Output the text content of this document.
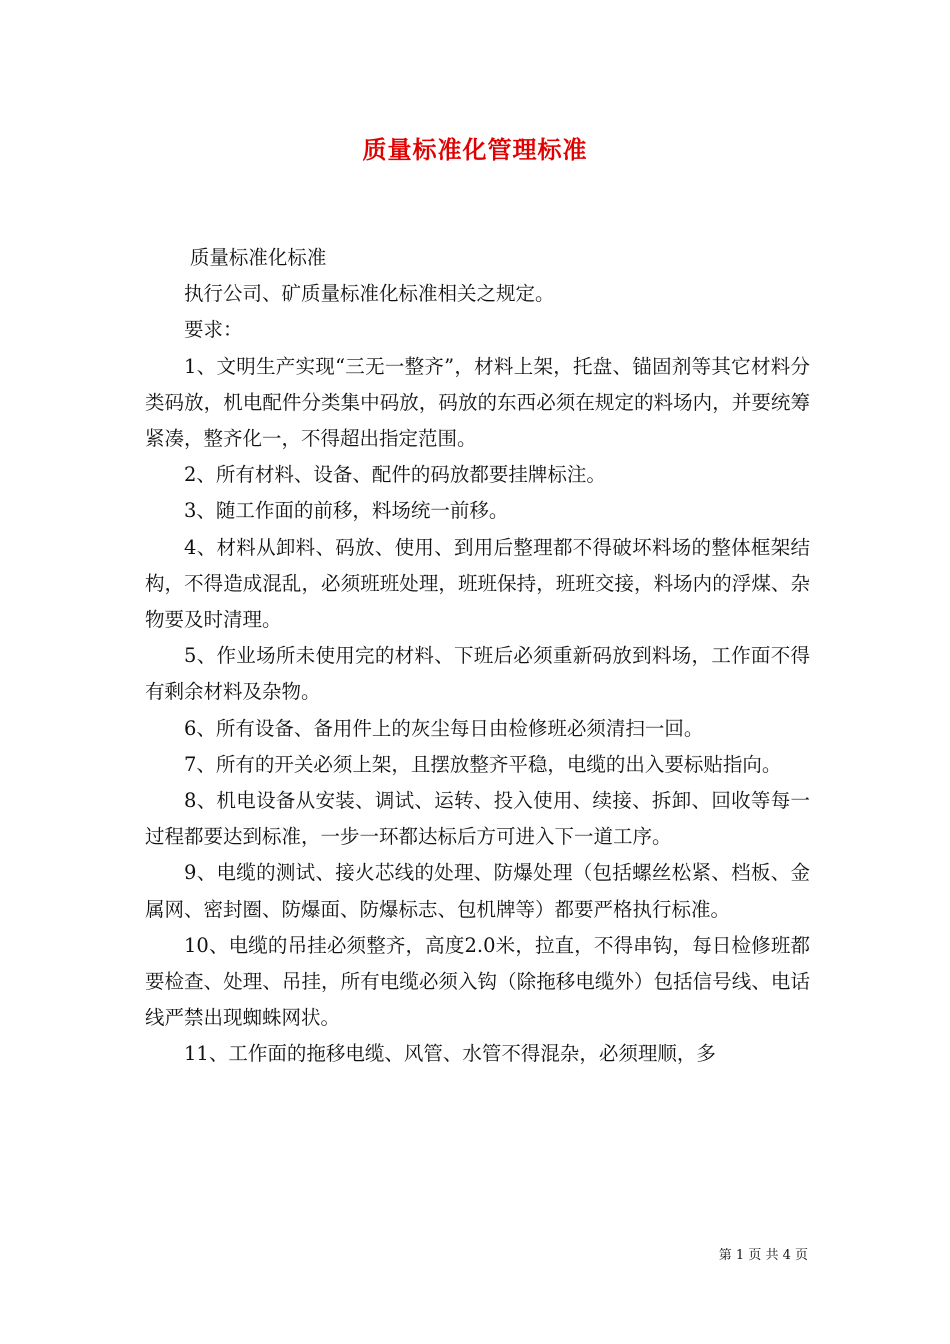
质量标准化管理标准

质量标准化标准

执行公司、矿质量标准化标准相关之规定。

要求：

1、文明生产实现“三无一整齐”，材料上架，托盘、锚固剂等其它材料分类码放，机电配件分类集中码放，码放的东西必须在规定的料场内，并要统筹紧凑，整齐化一，不得超出指定范围。

2、所有材料、设备、配件的码放都要挂牌标注。

3、随工作面的前移，料场统一前移。

4、材料从卸料、码放、使用、到用后整理都不得破坏料场的整体框架结构，不得造成混乱，必须班班处理，班班保持，班班交接，料场内的浮煤、杂物要及时清理。

5、作业场所未使用完的材料、下班后必须重新码放到料场，工作面不得有剩余材料及杂物。

6、所有设备、备用件上的灰尘每日由检修班必须清扫一回。

7、所有的开关必须上架，且摆放整齐平稳，电缆的出入要标贴指向。

8、机电设备从安装、调试、运转、投入使用、续接、拆卸、回收等每一过程都要达到标准，一步一环都达标后方可进入下一道工序。

9、电缆的测试、接火芯线的处理、防爆处理（包括螺丝松紧、档板、金属网、密封圈、防爆面、防爆标志、包机牌等）都要严格执行标准。

10、电缆的吊挂必须整齐，高度2.0米，拉直，不得串钩，每日检修班都要检查、处理、吊挂，所有电缆必须入钩（除拖移电缆外）包括信号线、电话线严禁出现蜘蛛网状。

11、工作面的拖移电缆、风管、水管不得混杂，必须理顺，多

第 1 页 共 4 页
